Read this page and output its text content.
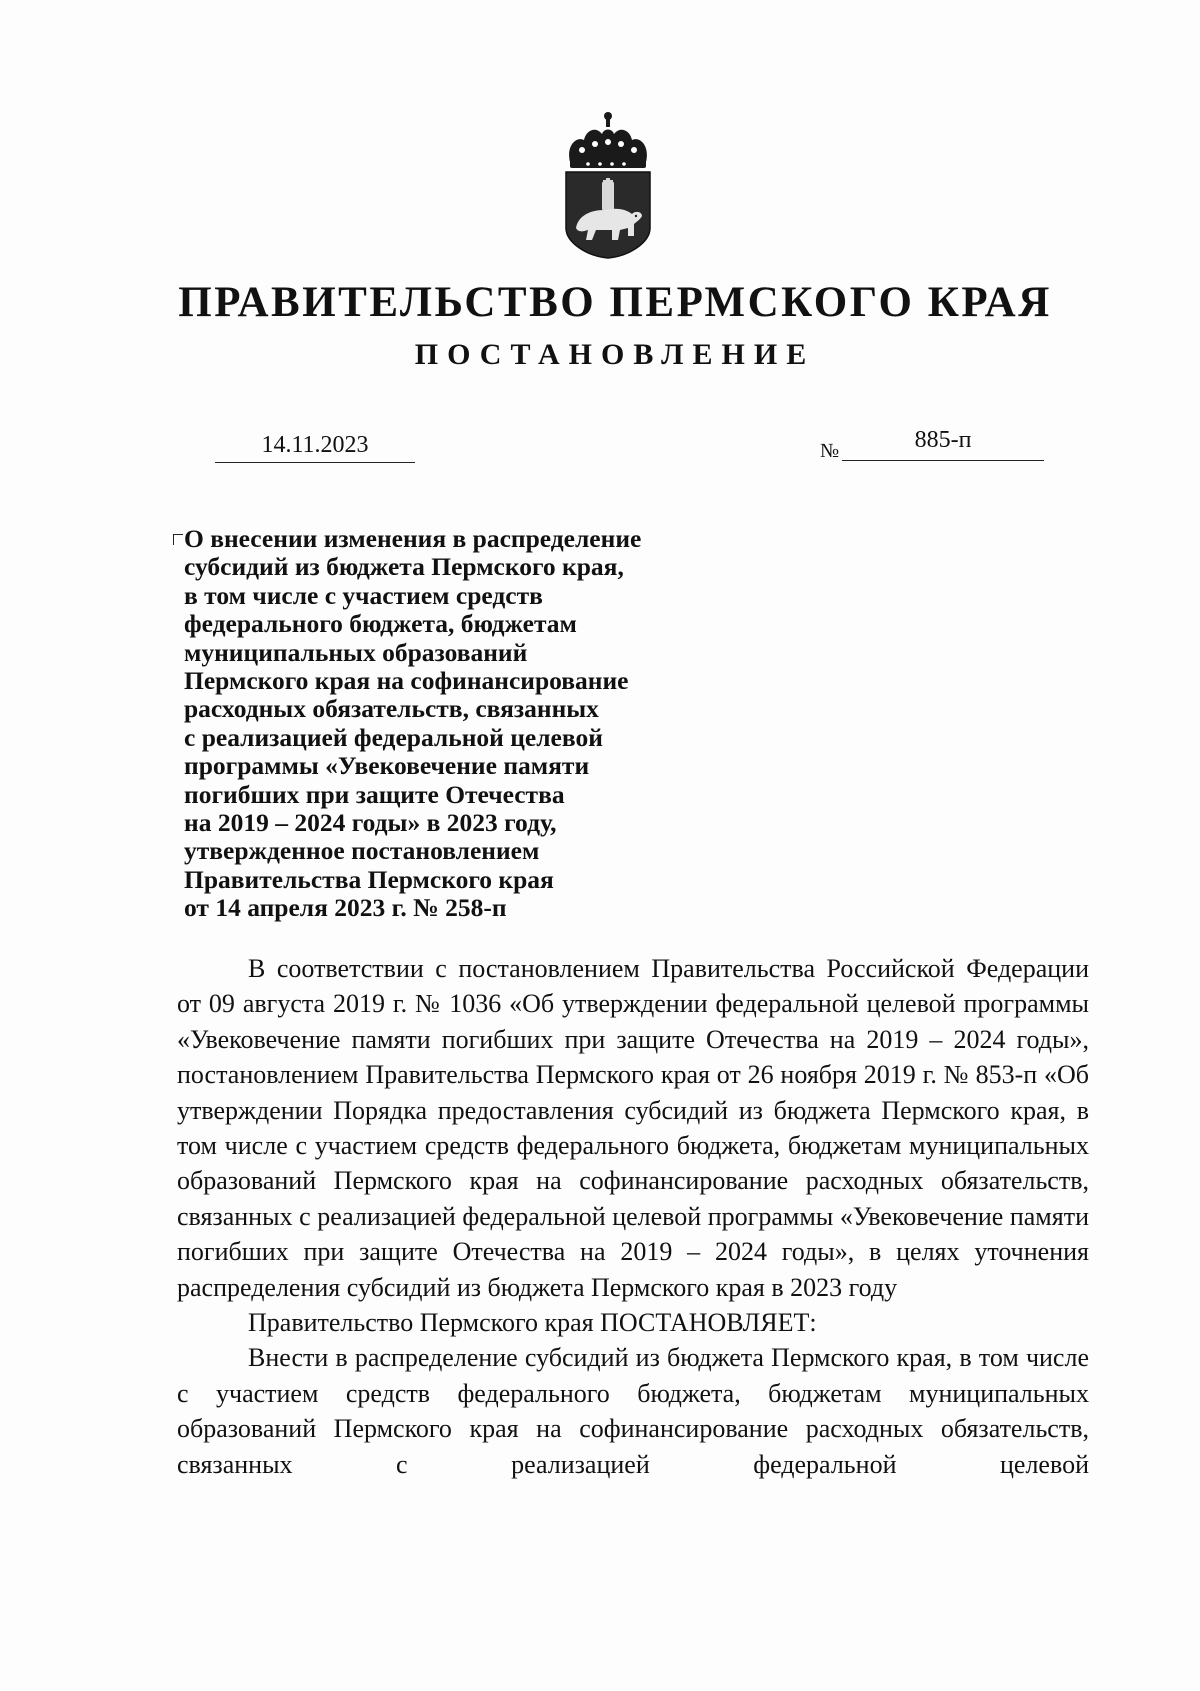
ПРАВИТЕЛЬСТВО ПЕРМСКОГО КРАЯ
ПОСТАНОВЛЕНИЕ
14.11.2023	№	885-п
О внесении изменения в распределение
субсидий из бюджета Пермского края,
в том числе с участием средств
федерального бюджета, бюджетам
муниципальных образований
Пермского края на софинансирование
расходных обязательств, связанных
с реализацией федеральной целевой
программы «Увековечение памяти
погибших при защите Отечества
на 2019 – 2024 годы» в 2023 году,
утвержденное постановлением
Правительства Пермского края
от 14 апреля 2023 г. № 258-п

В соответствии с постановлением Правительства Российской Федерации от 09 августа 2019 г. № 1036 «Об утверждении федеральной целевой программы «Увековечение памяти погибших при защите Отечества на 2019 – 2024 годы», постановлением Правительства Пермского края от 26 ноября 2019 г. № 853-п «Об утверждении Порядка предоставления субсидий из бюджета Пермского края, в том числе с участием средств федерального бюджета, бюджетам муниципальных образований Пермского края на софинансирование расходных обязательств, связанных с реализацией федеральной целевой программы «Увековечение памяти погибших при защите Отечества на 2019 – 2024 годы», в целях уточнения распределения субсидий из бюджета Пермского края в 2023 году

Правительство Пермского края ПОСТАНОВЛЯЕТ:

Внести в распределение субсидий из бюджета Пермского края, в том числе с участием средств федерального бюджета, бюджетам муниципальных образований Пермского края на софинансирование расходных обязательств, связанных с реализацией федеральной целевой
